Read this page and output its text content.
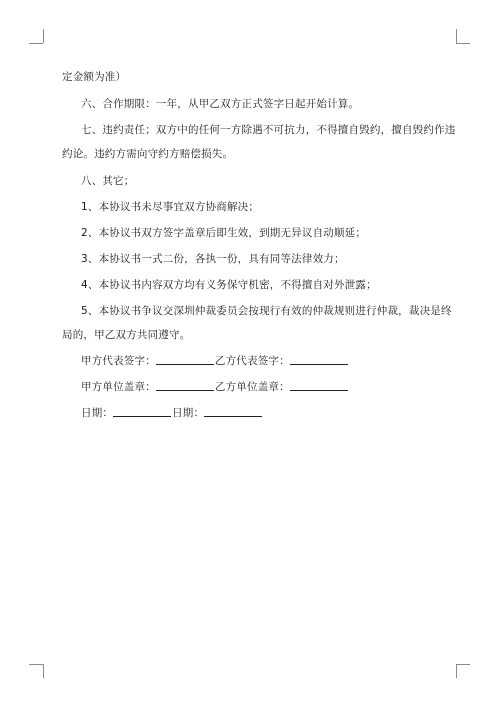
定金额为准）
六、合作期限：一年，从甲乙双方正式签字日起开始计算。
七、违约责任；双方中的任何一方除遇不可抗力，不得擅自毁约，擅自毁约作违
约论。违约方需向守约方赔偿损失。
八、其它；
1、本协议书未尽事宜双方协商解决；
2、本协议书双方签字盖章后即生效，到期无异议自动顺延；
3、本协议书一式二份，各执一份，具有同等法律效力；
4、本协议书内容双方均有义务保守机密，不得擅自对外泄露；
5、本协议书争议交深圳仲裁委员会按现行有效的仲裁规则进行仲裁，裁决是终
局的，甲乙双方共同遵守。
甲方代表签字：	乙方代表签字：
甲方单位盖章：	乙方单位盖章：
日期：	日期：
